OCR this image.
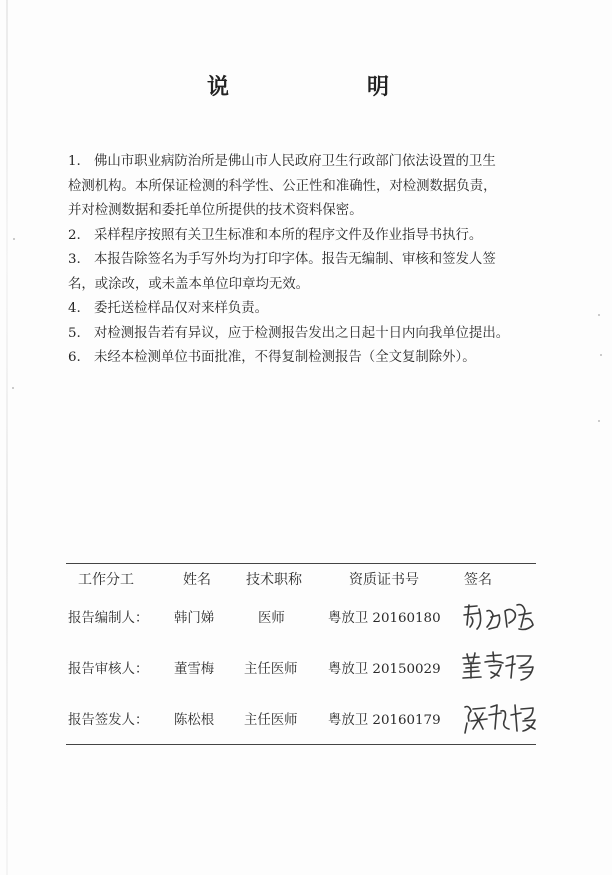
说	明
1. 佛山市职业病防治所是佛山市人民政府卫生行政部门依法设置的卫生
检测机构。本所保证检测的科学性、公正性和准确性，对检测数据负责，
并对检测数据和委托单位所提供的技术资料保密。
2. 采样程序按照有关卫生标准和本所的程序文件及作业指导书执行。
3. 本报告除签名为手写外均为打印字体。报告无编制、审核和签发人签
名，或涂改，或未盖本单位印章均无效。
4. 委托送检样品仅对来样负责。
5. 对检测报告若有异议，应于检测报告发出之日起十日内向我单位提出。
6. 未经本检测单位书面批准，不得复制检测报告（全文复制除外）。
工作分工	姓名	技术职称	资质证书号	签名
报告编制人： 韩门娣	医师	粤放卫 20160180
报告审核人： 董雪梅 主任医师 粤放卫 20150029
报告签发人： 陈松根 主任医师 粤放卫 20160179
